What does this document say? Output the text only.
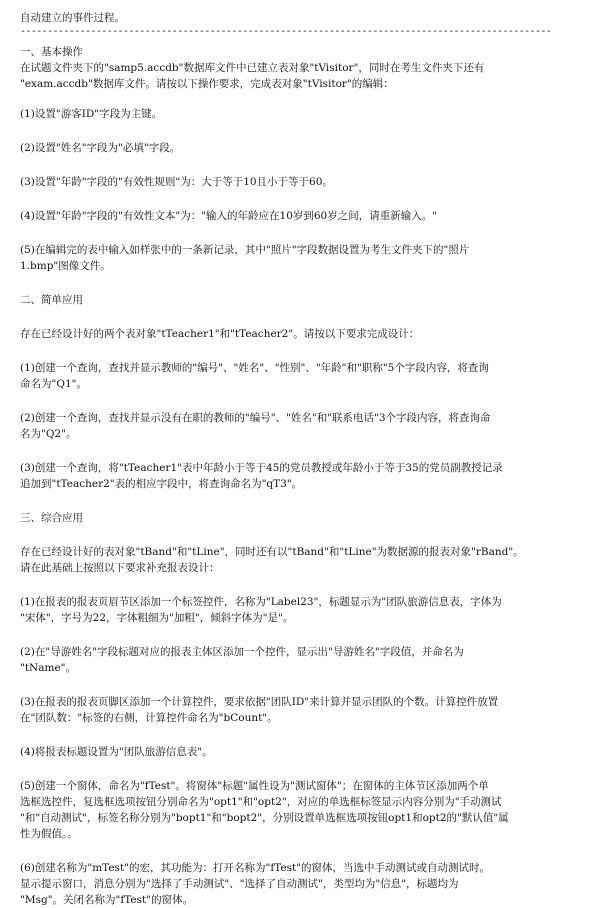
自动建立的事件过程。
--------------------------------------------------------------------------------------------------
一、基本操作
在试题文件夹下的"samp5.accdb"数据库文件中已建立表对象"tVisitor"，同时在考生文件夹下还有
"exam.accdb"数据库文件。请按以下操作要求，完成表对象"tVisitor"的编辑：
(1)设置"游客ID"字段为主键。
(2)设置"姓名"字段为"必填"字段。
(3)设置"年龄"字段的"有效性规则"为：大于等于10且小于等于60。
(4)设置"年龄"字段的"有效性文本"为："输入的年龄应在10岁到60岁之间，请重新输入。"
(5)在编辑完的表中输入如样张中的一条新记录，其中"照片"字段数据设置为考生文件夹下的"照片
1.bmp"图像文件。
二、简单应用
存在已经设计好的两个表对象"tTeacher1"和"tTeacher2"。请按以下要求完成设计：
(1)创建一个查询，查找并显示教师的"编号"、"姓名"、"性别"、"年龄"和"职称"5个字段内容，将查询
命名为"Q1"。
(2)创建一个查询，查找并显示没有在职的教师的"编号"、"姓名"和"联系电话"3个字段内容，将查询命
名为"Q2"。
(3)创建一个查询，将"tTeacher1"表中年龄小于等于45的党员教授或年龄小于等于35的党员副教授记录
追加到"tTeacher2"表的相应字段中，将查询命名为"qT3"。
三、综合应用
存在已经设计好的表对象"tBand"和"tLine"，同时还有以"tBand"和"tLine"为数据源的报表对象"rBand"。
请在此基础上按照以下要求补充报表设计：
(1)在报表的报表页眉节区添加一个标签控件，名称为"Label23"，标题显示为"团队旅游信息表，字体为
"宋体"，字号为22，字体粗细为"加粗"，倾斜字体为"是"。
(2)在"导游姓名"字段标题对应的报表主体区添加一个控件，显示出"导游姓名"字段值，并命名为
"tName"。
(3)在报表的报表页脚区添加一个计算控件，要求依据"团队ID"来计算并显示团队的个数。计算控件放置
在"团队数："标签的右侧，计算控件命名为"bCount"。
(4)将报表标题设置为"团队旅游信息表"。
(5)创建一个窗体，命名为"fTest"。将窗体"标题"属性设为"测试窗体"；在窗体的主体节区添加两个单
选框选控件，复选框选项按钮分别命名为"opt1"和"opt2"，对应的单选框标签显示内容分别为"手动测试
"和"自动测试"，标签名称分别为"bopt1"和"bopt2"，分别设置单选框选项按钮opt1和opt2的"默认值"属
性为假值。。
(6)创建名称为"mTest"的宏，其功能为：打开名称为"fTest"的窗体，当选中手动测试或自动测试时。
显示提示窗口，消息分别为"选择了手动测试"、"选择了自动测试"，类型均为"信息"，标题均为
"Msg"。关闭名称为"fTest"的窗体。
